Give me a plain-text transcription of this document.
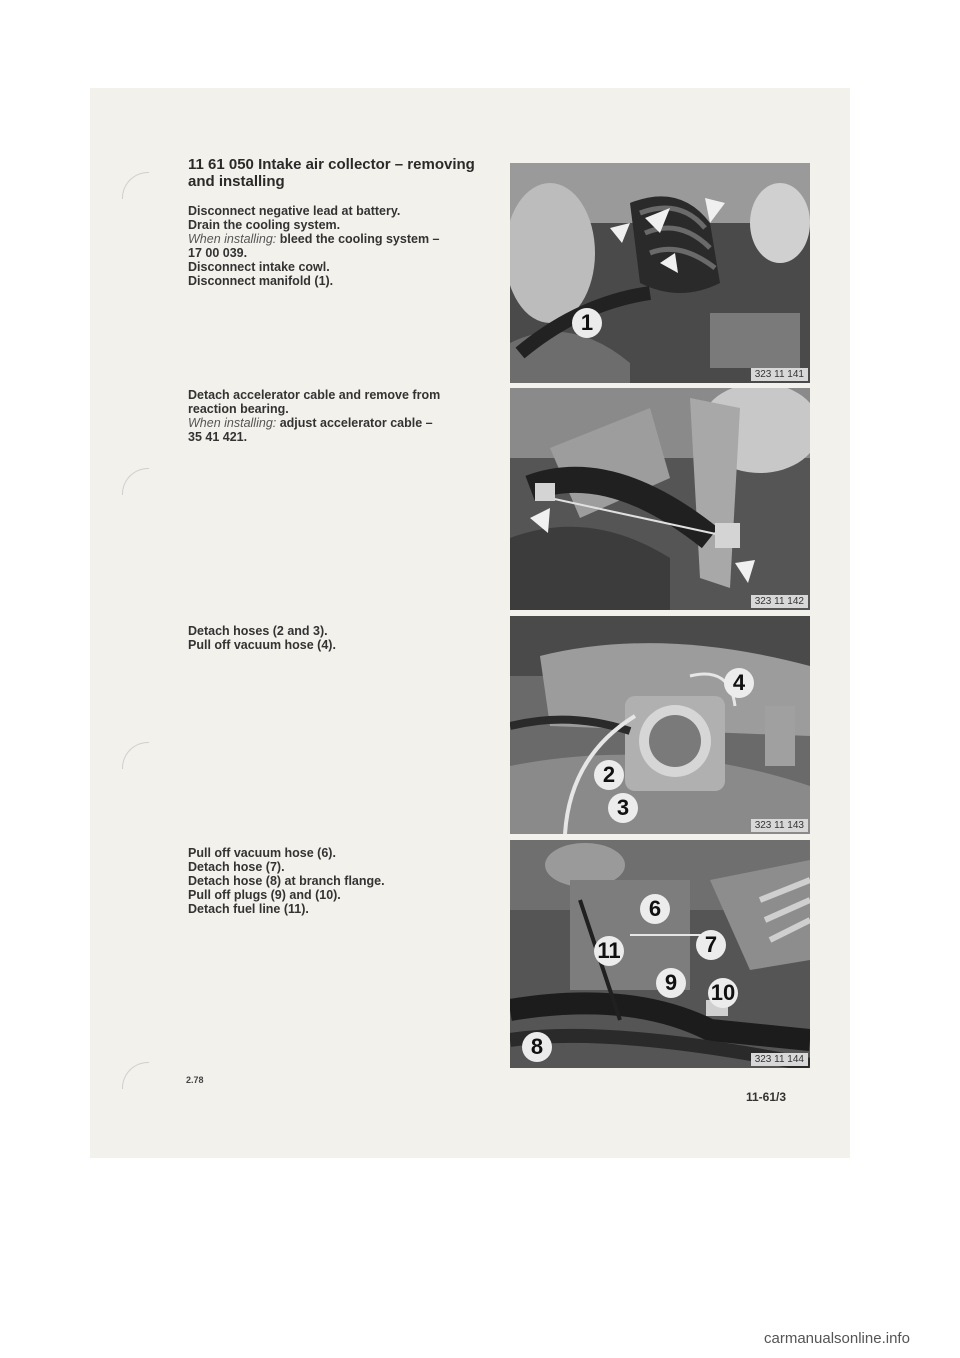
11 61 050 Intake air collector – removing
and installing
Disconnect negative lead at battery.
Drain the cooling system.
When installing: bleed the cooling system –
17 00 039.
Disconnect intake cowl.
Disconnect manifold (1).
Detach accelerator cable and remove from
reaction bearing.
When installing: adjust accelerator cable –
35 41 421.
Detach hoses (2 and 3).
Pull off vacuum hose (4).
Pull off vacuum hose (6).
Detach hose (7).
Detach hose (8) at branch flange.
Pull off plugs (9) and (10).
Detach fuel line (11).
1
323 11 141
323 11 142
4
2
3
323 11 143
6
11	7
9	10
8
323 11 144
2.78
11-61/3
carmanualsonline.info
